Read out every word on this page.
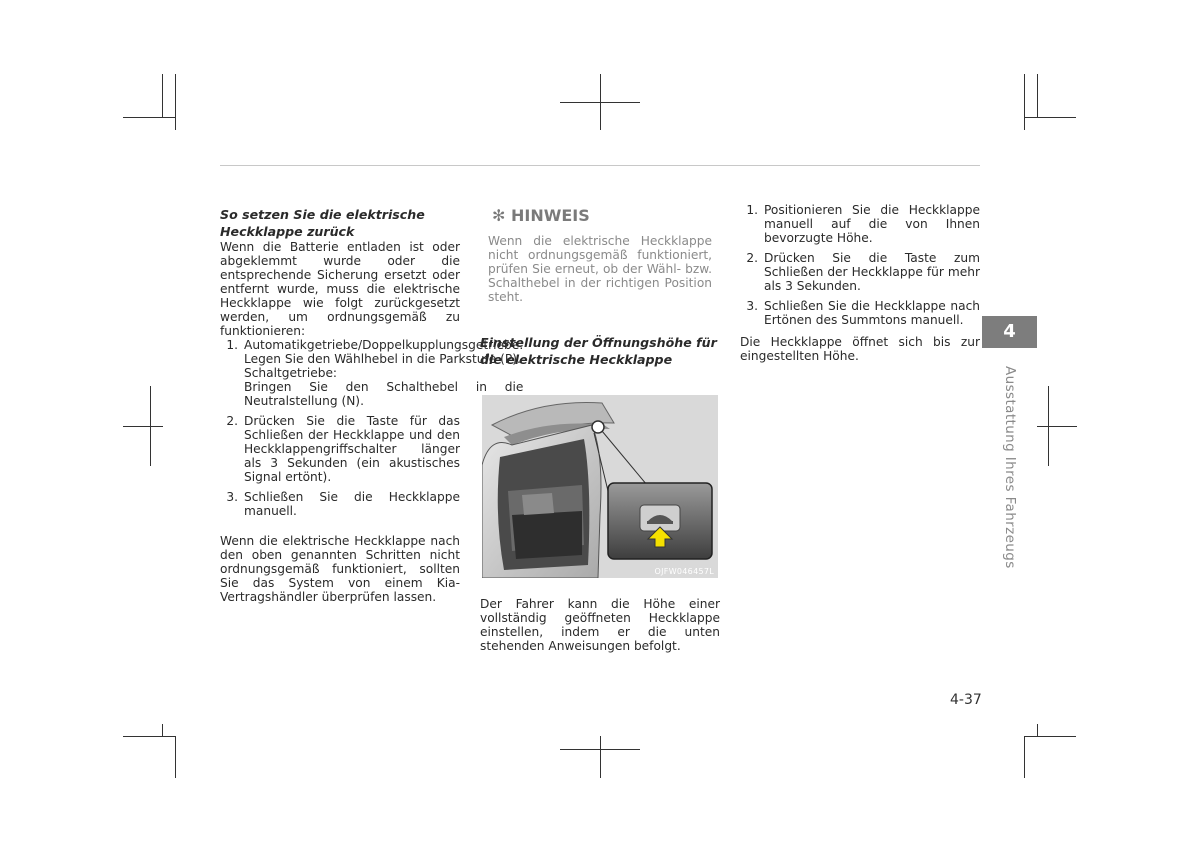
So setzen Sie die elektrische
Heckklappe zurück

Wenn die Batterie entladen ist oder abgeklemmt wurde oder die entsprechende Sicherung ersetzt oder entfernt wurde, muss die elektrische Heckklappe wie folgt zurückgesetzt werden, um ordnungsgemäß zu funktionieren:

1. Automatikgetriebe/Doppelkupplungsgetriebe:
Legen Sie den Wählhebel in die Parkstufe (P).
Schaltgetriebe:
Bringen Sie den Schalthebel in die Neutralstellung (N).
2. Drücken Sie die Taste für das Schließen der Heckklappe und den Heckklappengriffschalter länger als 3 Sekunden (ein akustisches Signal ertönt).
3. Schließen Sie die Heckklappe manuell.

Wenn die elektrische Heckklappe nach den oben genannten Schritten nicht ordnungsgemäß funktioniert, sollten Sie das System von einem Kia-Vertragshändler überprüfen lassen.

✻ HINWEIS

Wenn die elektrische Heckklappe nicht ordnungsgemäß funktioniert, prüfen Sie erneut, ob der Wähl- bzw. Schalthebel in der richtigen Position steht.

Einstellung der Öffnungshöhe für
die elektrische Heckklappe

OJFW046457L

Der Fahrer kann die Höhe einer vollständig geöffneten Heckklappe einstellen, indem er die unten stehenden Anweisungen befolgt.

1. Positionieren Sie die Heckklappe manuell auf die von Ihnen bevorzugte Höhe.
2. Drücken Sie die Taste zum Schließen der Heckklappe für mehr als 3 Sekunden.
3. Schließen Sie die Heckklappe nach Ertönen des Summtons manuell.

Die Heckklappe öffnet sich bis zur eingestellten Höhe.

4
Ausstattung Ihres Fahrzeugs
4-37
